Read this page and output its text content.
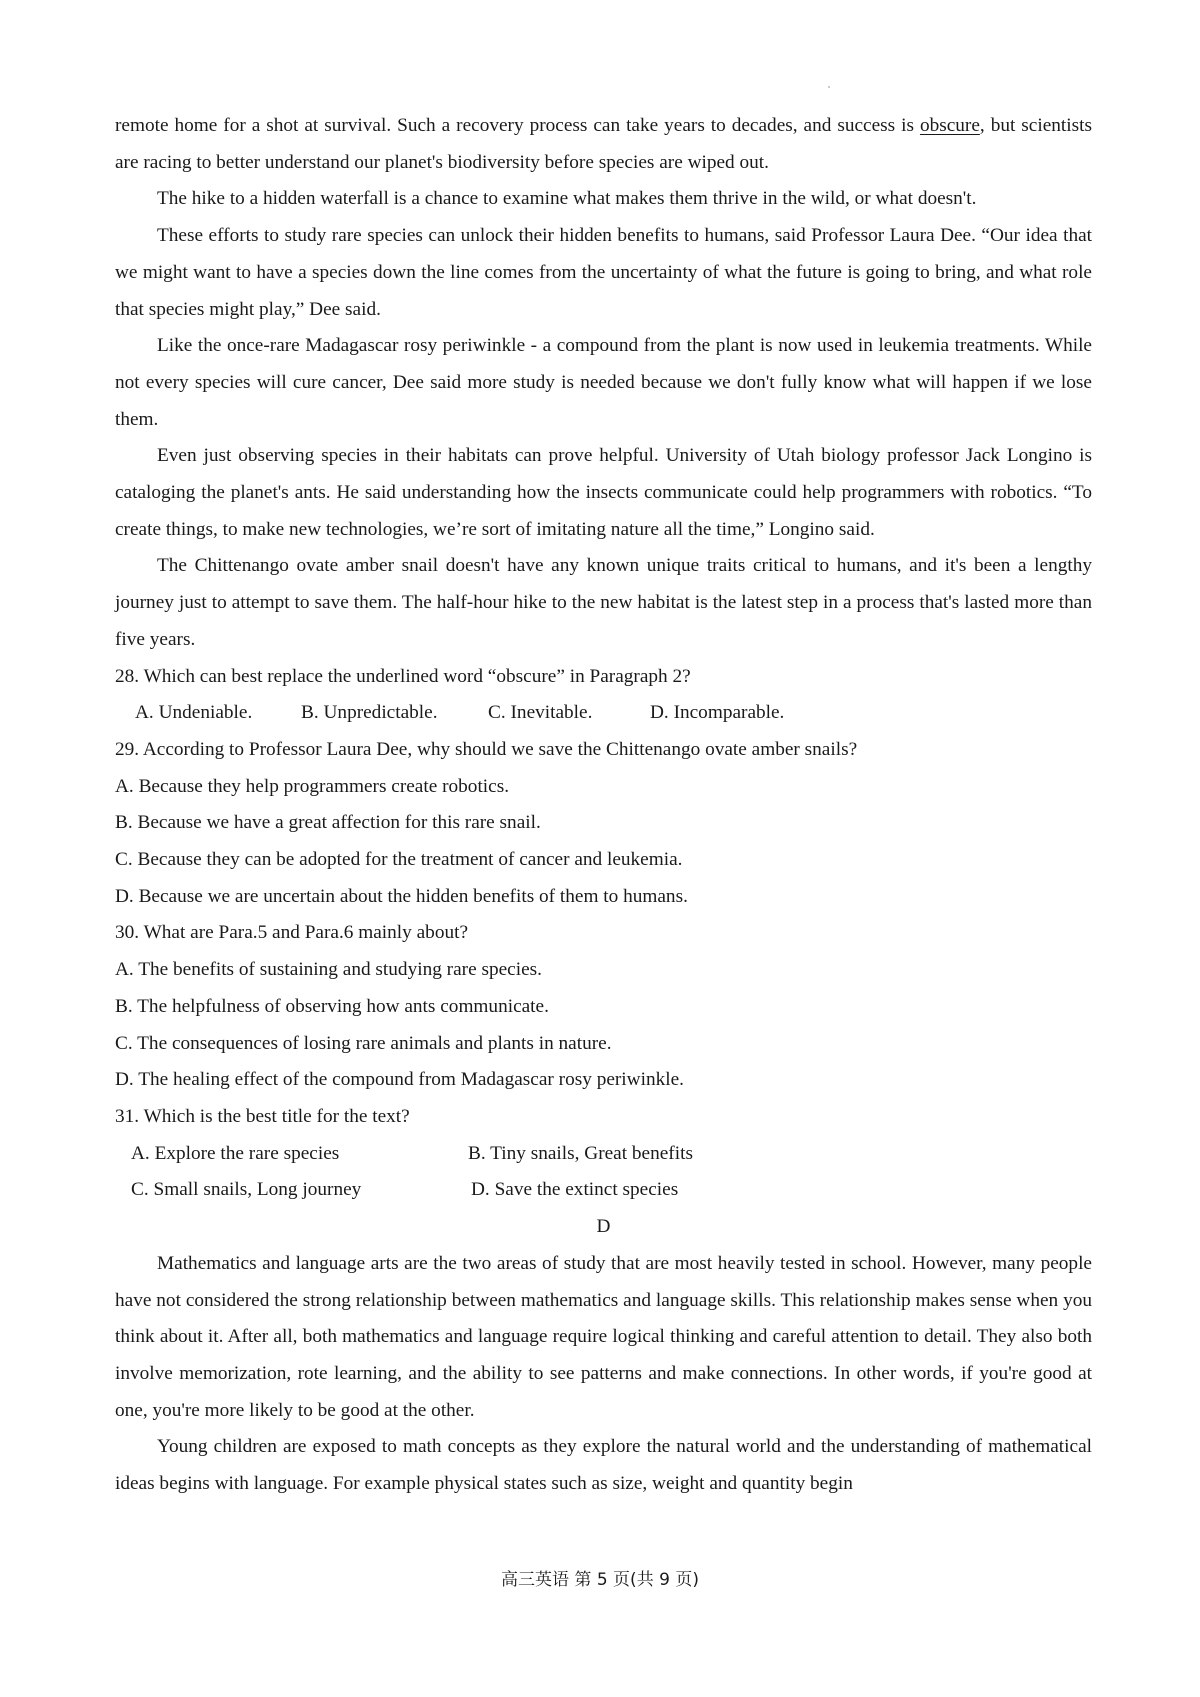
remote home for a shot at survival. Such a recovery process can take years to decades, and success is obscure, but scientists are racing to better understand our planet's biodiversity before species are wiped out.

The hike to a hidden waterfall is a chance to examine what makes them thrive in the wild, or what doesn't.

These efforts to study rare species can unlock their hidden benefits to humans, said Professor Laura Dee. “Our idea that we might want to have a species down the line comes from the uncertainty of what the future is going to bring, and what role that species might play,” Dee said.

Like the once-rare Madagascar rosy periwinkle - a compound from the plant is now used in leukemia treatments. While not every species will cure cancer, Dee said more study is needed because we don't fully know what will happen if we lose them.

Even just observing species in their habitats can prove helpful. University of Utah biology professor Jack Longino is cataloging the planet's ants. He said understanding how the insects communicate could help programmers with robotics. “To create things, to make new technologies, we’re sort of imitating nature all the time,” Longino said.

The Chittenango ovate amber snail doesn't have any known unique traits critical to humans, and it's been a lengthy journey just to attempt to save them. The half-hour hike to the new habitat is the latest step in a process that's lasted more than five years.

28. Which can best replace the underlined word “obscure” in Paragraph 2?

A. Undeniable.	B. Unpredictable.	C. Inevitable.	D. Incomparable.

29. According to Professor Laura Dee, why should we save the Chittenango ovate amber snails?

A. Because they help programmers create robotics.

B. Because we have a great affection for this rare snail.

C. Because they can be adopted for the treatment of cancer and leukemia.

D. Because we are uncertain about the hidden benefits of them to humans.

30. What are Para.5 and Para.6 mainly about?

A. The benefits of sustaining and studying rare species.

B. The helpfulness of observing how ants communicate.

C. The consequences of losing rare animals and plants in nature.

D. The healing effect of the compound from Madagascar rosy periwinkle.

31. Which is the best title for the text?

A. Explore the rare species	B. Tiny snails, Great benefits
C. Small snails, Long journey	D. Save the extinct species

D

Mathematics and language arts are the two areas of study that are most heavily tested in school. However, many people have not considered the strong relationship between mathematics and language skills. This relationship makes sense when you think about it. After all, both mathematics and language require logical thinking and careful attention to detail. They also both involve memorization, rote learning, and the ability to see patterns and make connections. In other words, if you're good at one, you're more likely to be good at the other.

Young children are exposed to math concepts as they explore the natural world and the understanding of mathematical ideas begins with language. For example physical states such as size, weight and quantity begin

高三英语 第 5 页(共 9 页)
